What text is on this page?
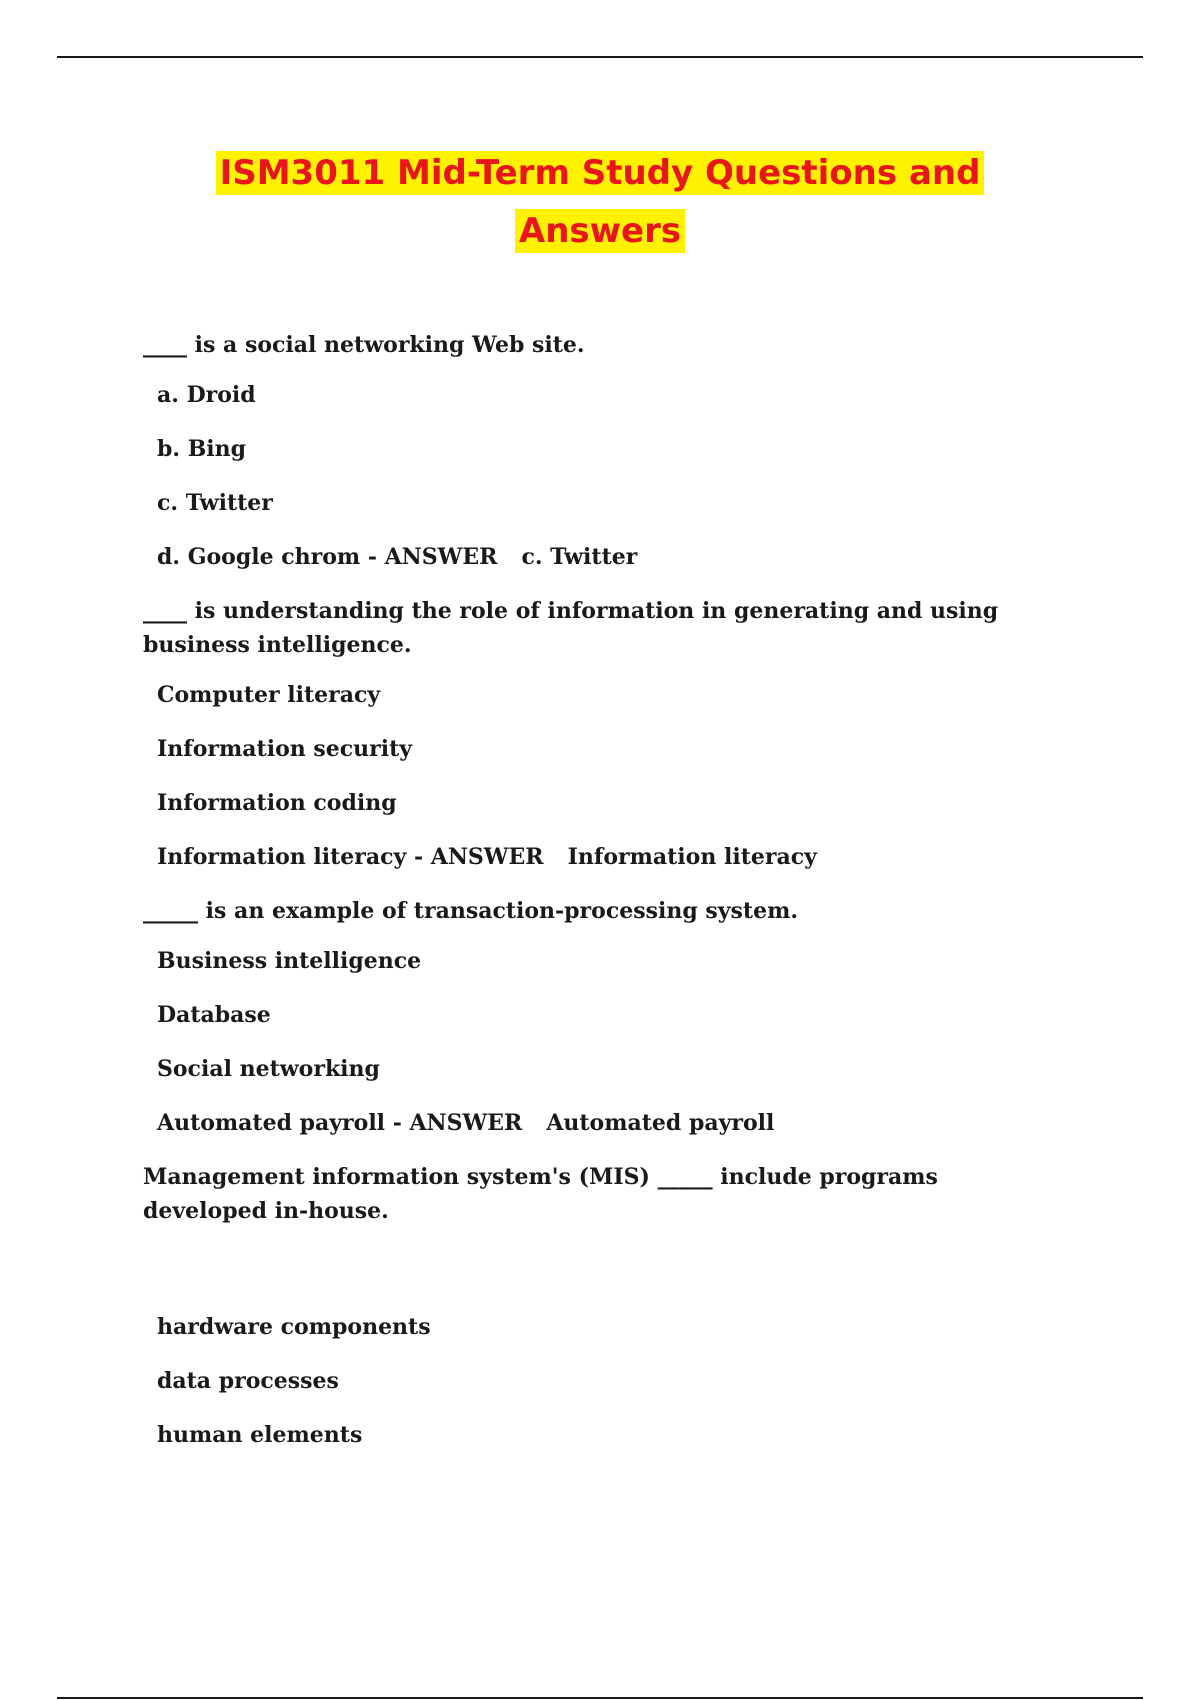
ISM3011 Mid-Term Study Questions and
Answers
____ is a social networking Web site.
a. Droid
b. Bing
c. Twitter
d. Google chrom - ANSWER c. Twitter
____ is understanding the role of information in generating and using business intelligence.
Computer literacy
Information security
Information coding
Information literacy - ANSWER Information literacy
_____ is an example of transaction-processing system.
Business intelligence
Database
Social networking
Automated payroll - ANSWER Automated payroll
Management information system's (MIS) _____ include programs developed in-house.
hardware components
data processes
human elements
